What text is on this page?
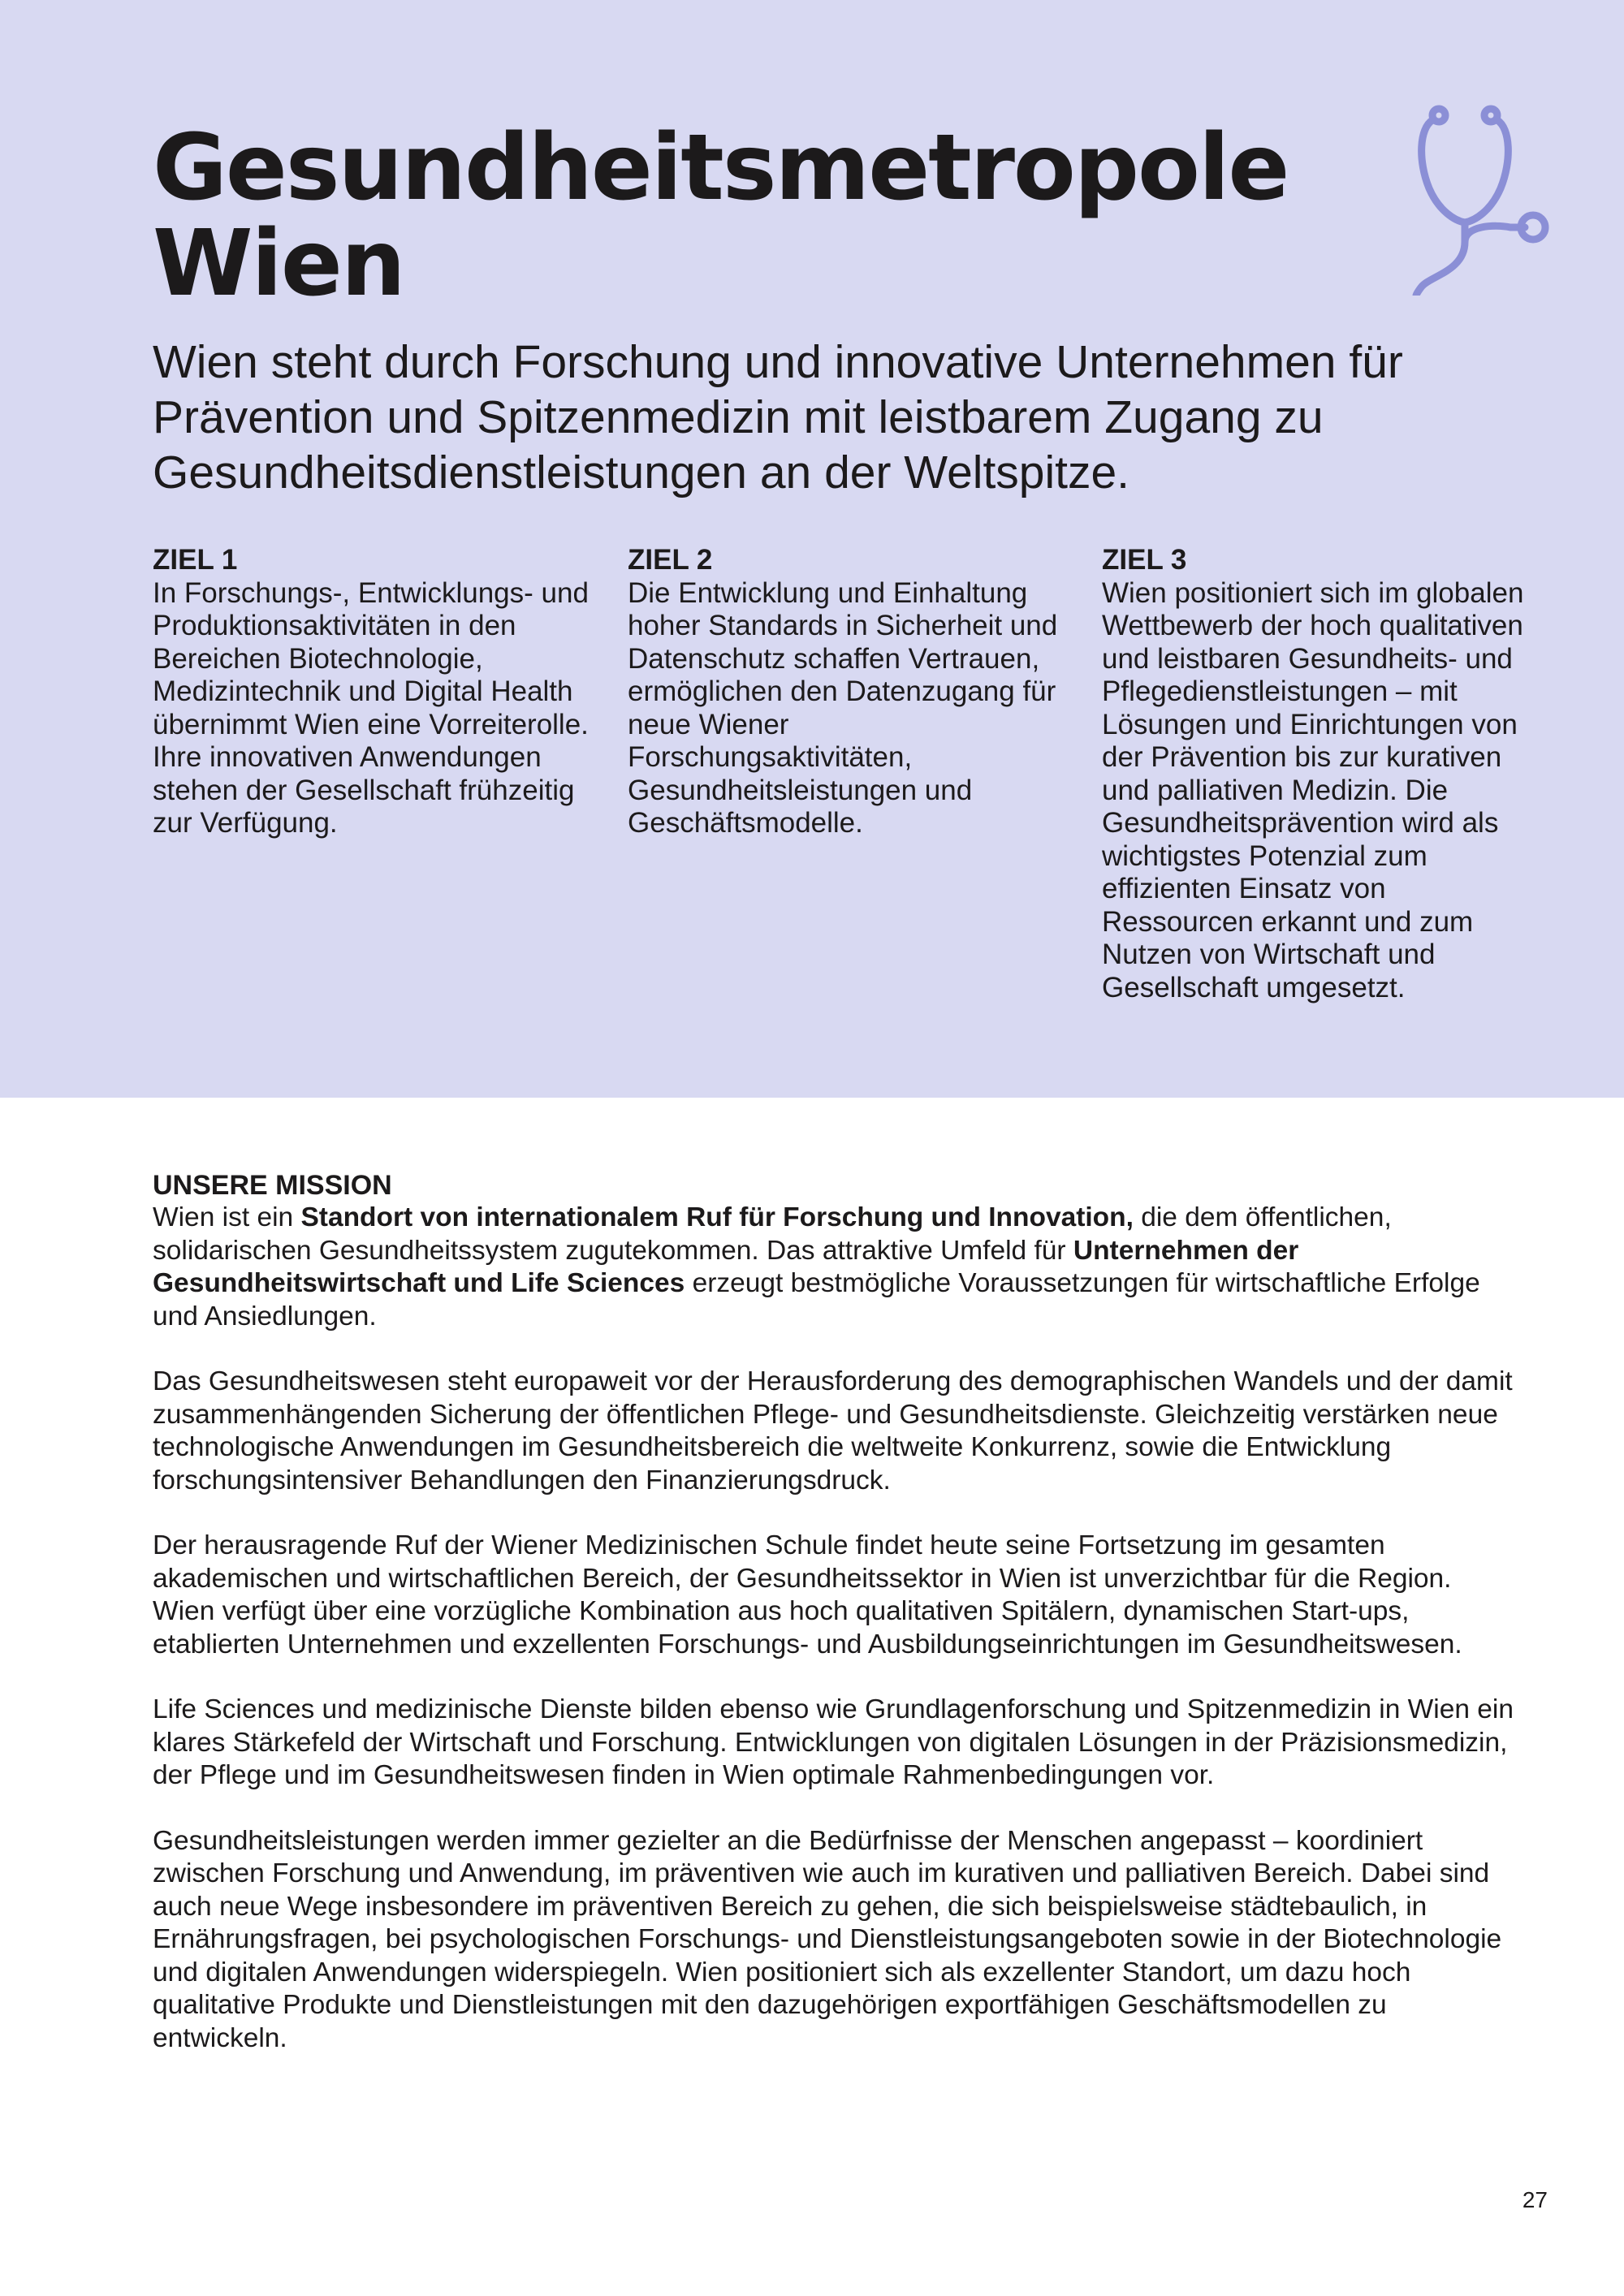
Gesundheitsmetropole
Wien

Wien steht durch Forschung und innovative Unternehmen für Prävention und Spitzenmedizin mit leistbarem Zugang zu Gesundheitsdienstleistungen an der Weltspitze.

ZIEL 1

In Forschungs-, Entwicklungs- und Produktionsaktivitäten in den Bereichen Biotechnologie, Medizintechnik und Digital Health übernimmt Wien eine Vorreiterolle. Ihre innovativen Anwendungen stehen der Gesellschaft frühzeitig zur Verfügung.

ZIEL 2

Die Entwicklung und Einhaltung hoher Standards in Sicherheit und Datenschutz schaffen Vertrauen, ermöglichen den Datenzugang für neue Wiener Forschungsaktivitäten, Gesundheitsleistungen und Geschäftsmodelle.

ZIEL 3

Wien positioniert sich im globalen Wettbewerb der hoch qualitativen und leistbaren Gesundheits- und Pflegedienstleistungen – mit Lösungen und Einrichtungen von der Prävention bis zur kurativen und palliativen Medizin. Die Gesundheitsprävention wird als wichtigstes Potenzial zum effizienten Einsatz von Ressourcen erkannt und zum Nutzen von Wirtschaft und Gesellschaft umgesetzt.

UNSERE MISSION

Wien ist ein Standort von internationalem Ruf für Forschung und Innovation, die dem öffentlichen, solidarischen Gesundheitssystem zugutekommen. Das attraktive Umfeld für Unternehmen der Gesundheitswirtschaft und Life Sciences erzeugt bestmögliche Voraussetzungen für wirtschaftliche Erfolge und Ansiedlungen.

Das Gesundheitswesen steht europaweit vor der Herausforderung des demographischen Wandels und der damit zusammenhängenden Sicherung der öffentlichen Pflege- und Gesundheitsdienste. Gleichzeitig verstärken neue technologische Anwendungen im Gesundheitsbereich die weltweite Konkurrenz, sowie die Entwicklung forschungsintensiver Behandlungen den Finanzierungsdruck.

Der herausragende Ruf der Wiener Medizinischen Schule findet heute seine Fortsetzung im gesamten akademischen und wirtschaftlichen Bereich, der Gesundheitssektor in Wien ist unverzichtbar für die Region. Wien verfügt über eine vorzügliche Kombination aus hoch qualitativen Spitälern, dynamischen Start-ups, etablierten Unternehmen und exzellenten Forschungs- und Ausbildungseinrichtungen im Gesundheitswesen.

Life Sciences und medizinische Dienste bilden ebenso wie Grundlagenforschung und Spitzenmedizin in Wien ein klares Stärkefeld der Wirtschaft und Forschung. Entwicklungen von digitalen Lösungen in der Präzisionsmedizin, der Pflege und im Gesundheitswesen finden in Wien optimale Rahmenbedingungen vor.

Gesundheitsleistungen werden immer gezielter an die Bedürfnisse der Menschen angepasst – koordiniert zwischen Forschung und Anwendung, im präventiven wie auch im kurativen und palliativen Bereich. Dabei sind auch neue Wege insbesondere im präventiven Bereich zu gehen, die sich beispielsweise städtebaulich, in Ernährungsfragen, bei psychologischen Forschungs- und Dienstleistungsangeboten sowie in der Biotechnologie und digitalen Anwendungen widerspiegeln. Wien positioniert sich als exzellenter Standort, um dazu hoch qualitative Produkte und Dienstleistungen mit den dazugehörigen exportfähigen Geschäftsmodellen zu entwickeln.

27
